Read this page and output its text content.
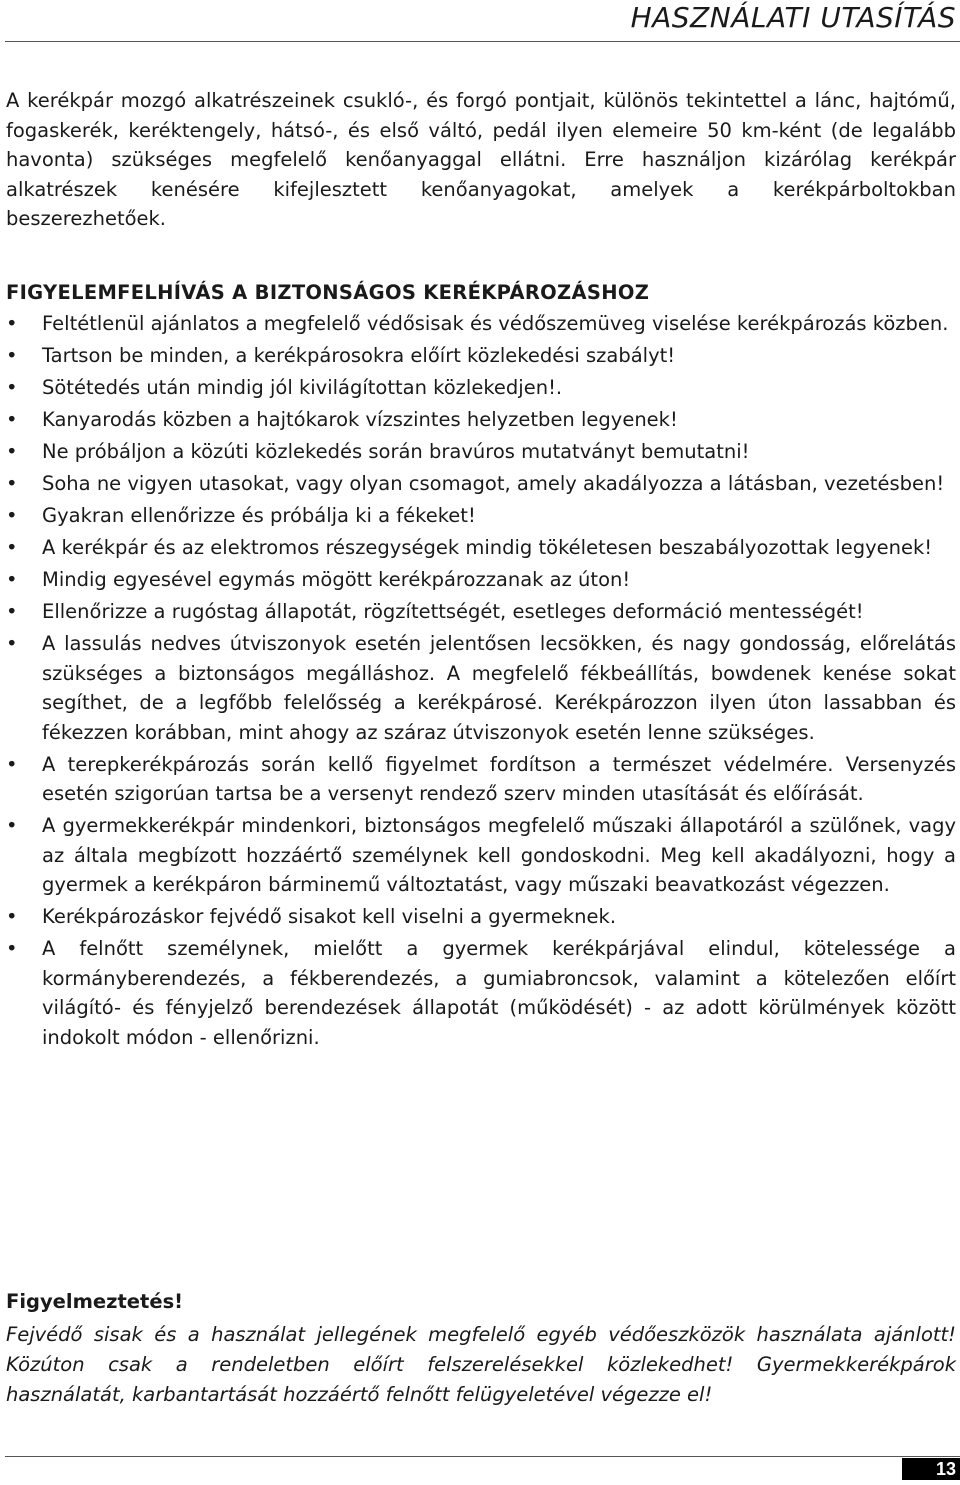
HASZNÁLATI UTASÍTÁS

A kerékpár mozgó alkatrészeinek csukló-, és forgó pontjait, különös tekintettel a lánc, hajtómű, fogaskerék, keréktengely, hátsó-, és első váltó, pedál ilyen elemeire 50 km-ként (de legalább havonta) szükséges megfelelő kenőanyaggal ellátni. Erre használjon kizárólag kerékpár alkatrészek kenésére kifejlesztett kenőanyagokat, amelyek a kerékpárboltokban beszerezhetőek.

FIGYELEMFELHÍVÁS A BIZTONSÁGOS KERÉKPÁROZÁSHOZ
•	Feltétlenül ajánlatos a megfelelő védősisak és védőszemüveg viselése kerékpározás közben.
•	Tartson be minden, a kerékpárosokra előírt közlekedési szabályt!
•	Sötétedés után mindig jól kivilágítottan közlekedjen!.
•	Kanyarodás közben a hajtókarok vízszintes helyzetben legyenek!
•	Ne próbáljon a közúti közlekedés során bravúros mutatványt bemutatni!
•	Soha ne vigyen utasokat, vagy olyan csomagot, amely akadályozza a látásban, vezetésben!
•	Gyakran ellenőrizze és próbálja ki a fékeket!
•	A kerékpár és az elektromos részegységek mindig tökéletesen beszabályozottak legyenek!
•	Mindig egyesével egymás mögött kerékpározzanak az úton!
•	Ellenőrizze a rugóstag állapotát, rögzítettségét, esetleges deformáció mentességét!
•	A lassulás nedves útviszonyok esetén jelentősen lecsökken, és nagy gondosság, előrelátás szükséges a biztonságos megálláshoz. A megfelelő fékbeállítás, bowdenek kenése sokat segíthet, de a legfőbb felelősség a kerékpárosé. Kerékpározzon ilyen úton lassabban és fékezzen korábban, mint ahogy az száraz útviszonyok esetén lenne szükséges.
•	A terepkerékpározás során kellő figyelmet fordítson a természet védelmére. Versenyzés esetén szigorúan tartsa be a versenyt rendező szerv minden utasítását és előírását.
•	A gyermekkerékpár mindenkori, biztonságos megfelelő műszaki állapotáról a szülőnek, vagy az általa megbízott hozzáértő személynek kell gondoskodni. Meg kell akadályozni, hogy a gyermek a kerékpáron bárminemű változtatást, vagy műszaki beavatkozást végezzen.
•	Kerékpározáskor fejvédő sisakot kell viselni a gyermeknek.
•	A felnőtt személynek, mielőtt a gyermek kerékpárjával elindul, kötelessége a kormányberendezés, a fékberendezés, a gumiabroncsok, valamint a kötelezően előírt világító- és fényjelző berendezések állapotát (működését) - az adott körülmények között indokolt módon - ellenőrizni.
Figyelmeztetés!

Fejvédő sisak és a használat jellegének megfelelő egyéb védőeszközök használata ajánlott! Közúton csak a rendeletben előírt felszerelésekkel közlekedhet! Gyermekkerékpárok használatát, karbantartását hozzáértő felnőtt felügyeletével végezze el!

13
